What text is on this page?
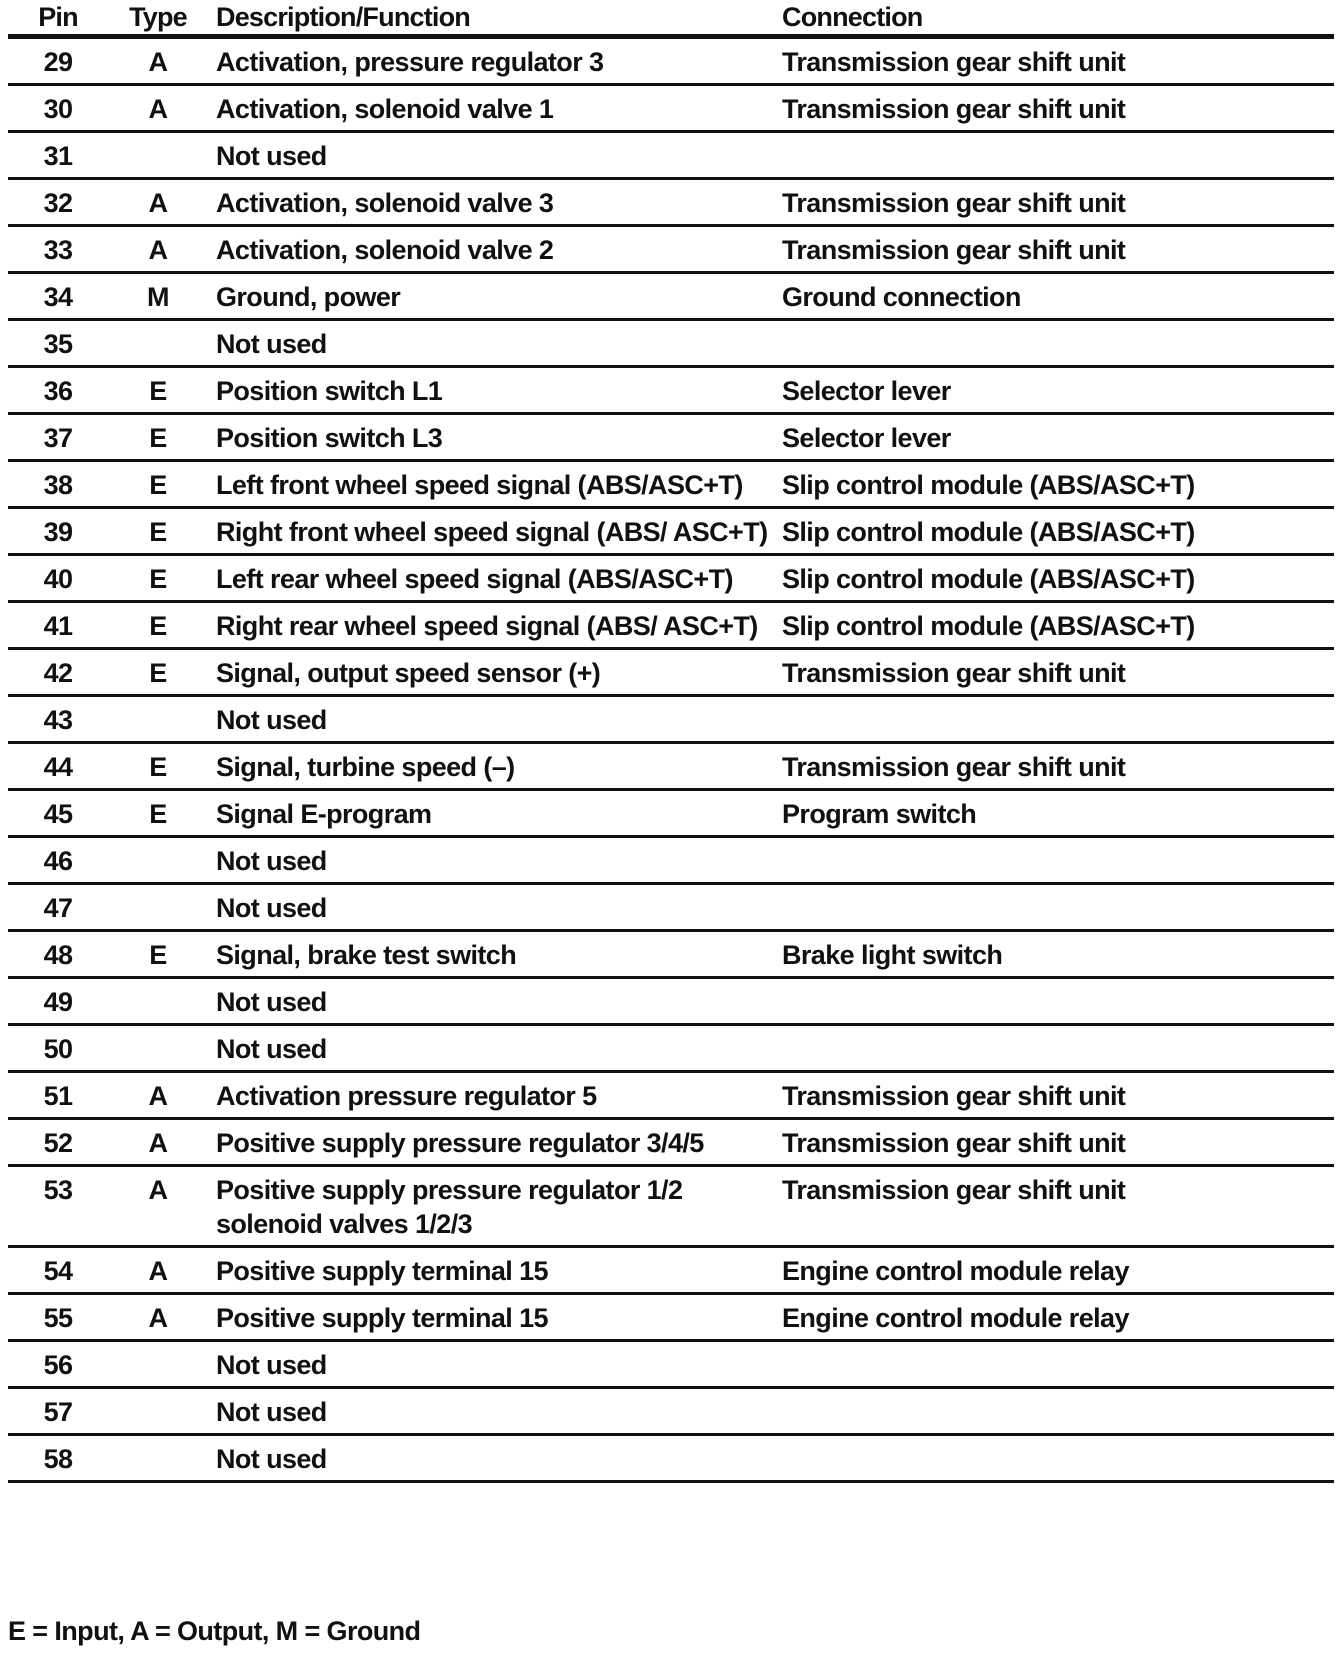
Pin	Type	Description/Function	Connection
29	A	Activation, pressure regulator 3	Transmission gear shift unit
30	A	Activation, solenoid valve 1	Transmission gear shift unit
31		Not used	
32	A	Activation, solenoid valve 3	Transmission gear shift unit
33	A	Activation, solenoid valve 2	Transmission gear shift unit
34	M	Ground, power	Ground connection
35		Not used	
36	E	Position switch L1	Selector lever
37	E	Position switch L3	Selector lever
38	E	Left front wheel speed signal (ABS/ASC+T)	Slip control module (ABS/ASC+T)
39	E	Right front wheel speed signal (ABS/ ASC+T)	Slip control module (ABS/ASC+T)
40	E	Left rear wheel speed signal (ABS/ASC+T)	Slip control module (ABS/ASC+T)
41	E	Right rear wheel speed signal (ABS/ ASC+T)	Slip control module (ABS/ASC+T)
42	E	Signal, output speed sensor (+)	Transmission gear shift unit
43		Not used	
44	E	Signal, turbine speed (–)	Transmission gear shift unit
45	E	Signal E-program	Program switch
46		Not used	
47		Not used	
48	E	Signal, brake test switch	Brake light switch
49		Not used	
50		Not used	
51	A	Activation pressure regulator 5	Transmission gear shift unit
52	A	Positive supply pressure regulator 3/4/5	Transmission gear shift unit
53	A	Positive supply pressure regulator 1/2 solenoid valves 1/2/3	Transmission gear shift unit
54	A	Positive supply terminal 15	Engine control module relay
55	A	Positive supply terminal 15	Engine control module relay
56		Not used	
57		Not used	
58		Not used	
E = Input, A = Output, M = Ground
